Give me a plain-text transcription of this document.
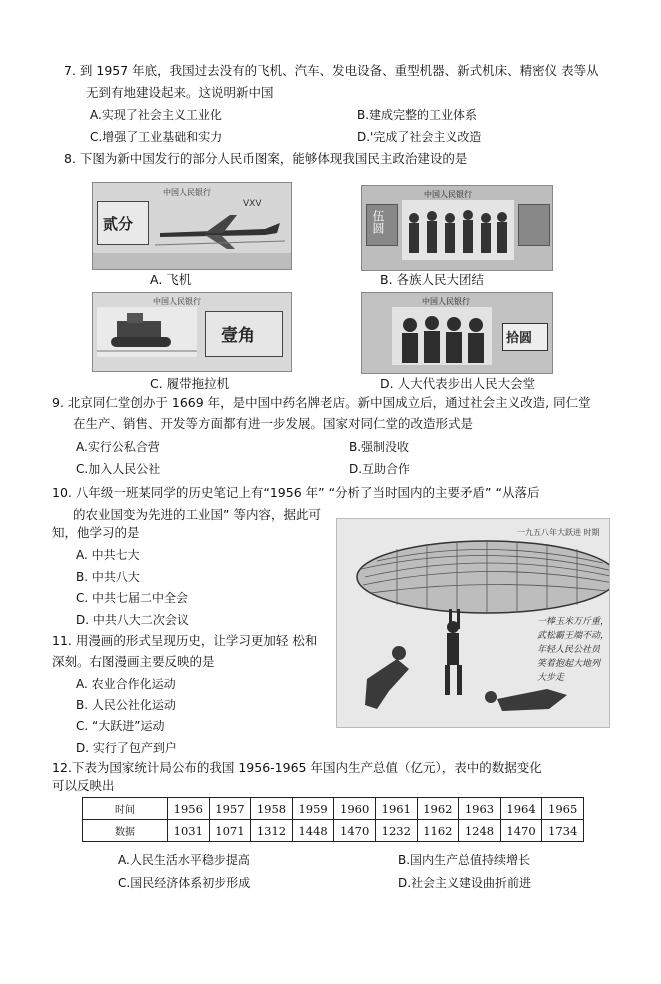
7. 到 1957 年底，我国过去没有的飞机、汽车、发电设备、重型机器、新式机床、精密仪 表等从
无到有地建设起来。这说明新中国
A.实现了社会主义工业化	B.建成完整的工业体系
C.增强了工业基础和实力	D.'完成了社会主义改造
8. 下图为新中国发行的部分人民币图案，能够体现我国民主政治建设的是
中国人民银行
VXV
贰分
A. 飞机
中国人民银行
伍圆
B. 各族人民大团结
中国人民银行
壹角
C. 履带拖拉机
中国人民银行
拾圆
D. 人大代表步出人民大会堂
9. 北京同仁堂创办于 1669 年，是中国中药名牌老店。新中国成立后，通过社会主义改造, 同仁堂
在生产、销售、开发等方面都有进一步发展。国家对同仁堂的改造形式是
A.实行公私合营	B.强制没收
C.加入人民公社	D.互助合作
10. 八年级一班某同学的历史笔记上有“1956 年” “分析了当时国内的主要矛盾” “从落后
的农业国变为先进的工业国” 等内容，据此可
知，他学习的是
A. 中共七大
B. 中共八大
C. 中共七届二中全会
D. 中共八大二次会议
一九五八年大跃进 时期
一棒玉米万斤重，
武松霸王端不动，
年轻人民公社员
笑着抱起大地列大步走
11. 用漫画的形式呈现历史，让学习更加轻 松和
深刻。右图漫画主要反映的是
A. 农业合作化运动
B. 人民公社化运动
C. “大跃进”运动
D. 实行了包产到户
12.下表为国家统计局公布的我国 1956-1965 年国内生产总值（亿元），表中的数据变化
可以反映出
时间	1956	1957	1958	1959	1960	1961	1962	1963	1964	1965
数据	1031	1071	1312	1448	1470	1232	1162	1248	1470	1734
A.人民生活水平稳步提高	B.国内生产总值持续增长
C.国民经济体系初步形成	D.社会主义建设曲折前进
